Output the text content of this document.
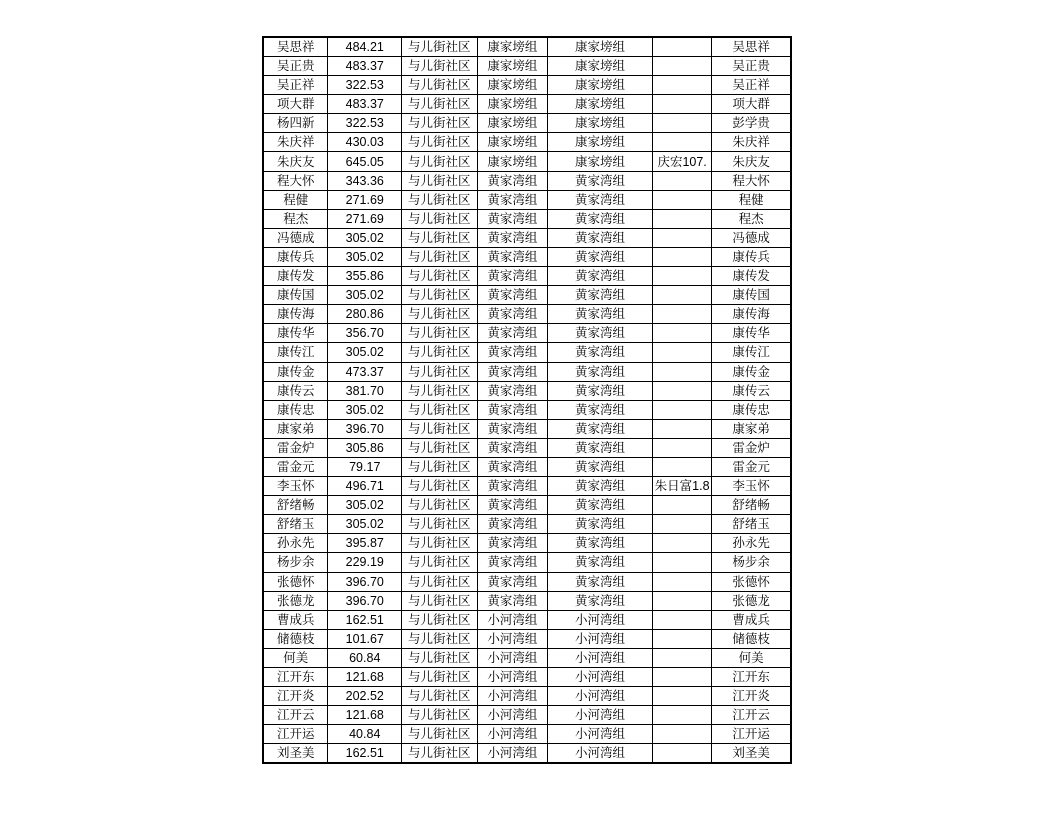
吴思祥	484.21	与儿街社区	康家塝组	康家塝组		吴思祥
吴正贵	483.37	与儿街社区	康家塝组	康家塝组		吴正贵
吴正祥	322.53	与儿街社区	康家塝组	康家塝组		吴正祥
项大群	483.37	与儿街社区	康家塝组	康家塝组		项大群
杨四新	322.53	与儿街社区	康家塝组	康家塝组		彭学贵
朱庆祥	430.03	与儿街社区	康家塝组	康家塝组		朱庆祥
朱庆友	645.05	与儿街社区	康家塝组	康家塝组	庆宏107.	朱庆友
程大怀	343.36	与儿街社区	黄家湾组	黄家湾组		程大怀
程健	271.69	与儿街社区	黄家湾组	黄家湾组		程健
程杰	271.69	与儿街社区	黄家湾组	黄家湾组		程杰
冯德成	305.02	与儿街社区	黄家湾组	黄家湾组		冯德成
康传兵	305.02	与儿街社区	黄家湾组	黄家湾组		康传兵
康传发	355.86	与儿街社区	黄家湾组	黄家湾组		康传发
康传国	305.02	与儿街社区	黄家湾组	黄家湾组		康传国
康传海	280.86	与儿街社区	黄家湾组	黄家湾组		康传海
康传华	356.70	与儿街社区	黄家湾组	黄家湾组		康传华
康传江	305.02	与儿街社区	黄家湾组	黄家湾组		康传江
康传金	473.37	与儿街社区	黄家湾组	黄家湾组		康传金
康传云	381.70	与儿街社区	黄家湾组	黄家湾组		康传云
康传忠	305.02	与儿街社区	黄家湾组	黄家湾组		康传忠
康家弟	396.70	与儿街社区	黄家湾组	黄家湾组		康家弟
雷金炉	305.86	与儿街社区	黄家湾组	黄家湾组		雷金炉
雷金元	79.17	与儿街社区	黄家湾组	黄家湾组		雷金元
李玉怀	496.71	与儿街社区	黄家湾组	黄家湾组	朱日富1.8	李玉怀
舒绪畅	305.02	与儿街社区	黄家湾组	黄家湾组		舒绪畅
舒绪玉	305.02	与儿街社区	黄家湾组	黄家湾组		舒绪玉
孙永先	395.87	与儿街社区	黄家湾组	黄家湾组		孙永先
杨步余	229.19	与儿街社区	黄家湾组	黄家湾组		杨步余
张德怀	396.70	与儿街社区	黄家湾组	黄家湾组		张德怀
张德龙	396.70	与儿街社区	黄家湾组	黄家湾组		张德龙
曹成兵	162.51	与儿街社区	小河湾组	小河湾组		曹成兵
储德枝	101.67	与儿街社区	小河湾组	小河湾组		储德枝
何美	60.84	与儿街社区	小河湾组	小河湾组		何美
江开东	121.68	与儿街社区	小河湾组	小河湾组		江开东
江开炎	202.52	与儿街社区	小河湾组	小河湾组		江开炎
江开云	121.68	与儿街社区	小河湾组	小河湾组		江开云
江开运	40.84	与儿街社区	小河湾组	小河湾组		江开运
刘圣美	162.51	与儿街社区	小河湾组	小河湾组		刘圣美
